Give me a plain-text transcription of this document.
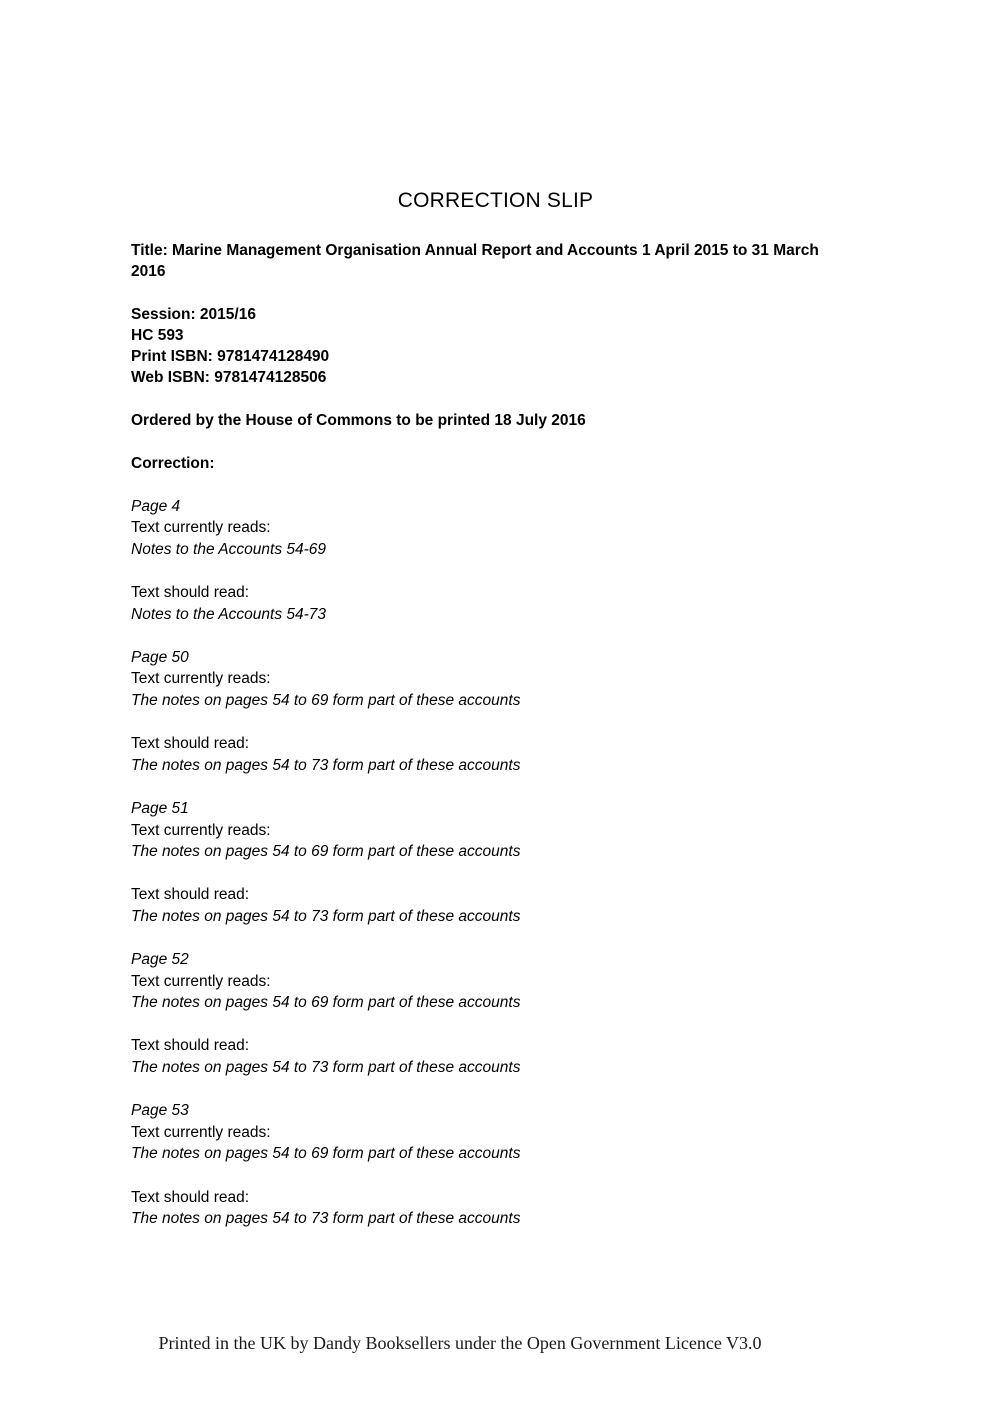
CORRECTION SLIP
Title: Marine Management Organisation Annual Report and Accounts 1 April 2015 to 31 March 2016
Session: 2015/16
HC 593
Print ISBN: 9781474128490
Web ISBN: 9781474128506
Ordered by the House of Commons to be printed 18 July 2016
Correction:
Page 4
Text currently reads:
Notes to the Accounts 54-69
Text should read:
Notes to the Accounts 54-73
Page 50
Text currently reads:
The notes on pages 54 to 69 form part of these accounts
Text should read:
The notes on pages 54 to 73 form part of these accounts
Page 51
Text currently reads:
The notes on pages 54 to 69 form part of these accounts
Text should read:
The notes on pages 54 to 73 form part of these accounts
Page 52
Text currently reads:
The notes on pages 54 to 69 form part of these accounts
Text should read:
The notes on pages 54 to 73 form part of these accounts
Page 53
Text currently reads:
The notes on pages 54 to 69 form part of these accounts
Text should read:
The notes on pages 54 to 73 form part of these accounts
Printed in the UK by Dandy Booksellers under the Open Government Licence V3.0
